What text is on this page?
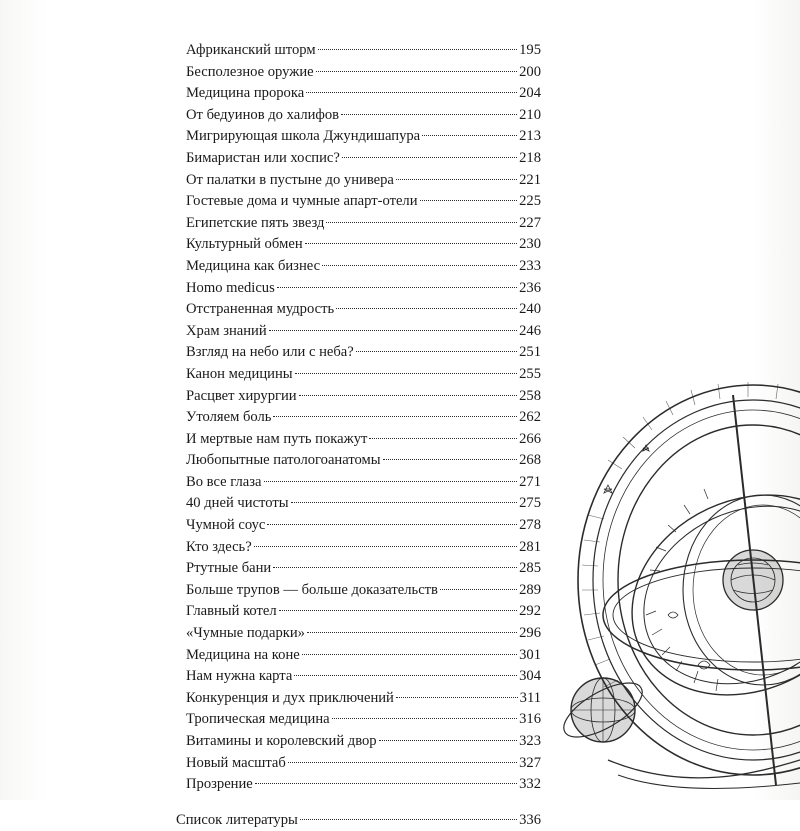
Африканский шторм	195
Бесполезное оружие	200
Медицина пророка	204
От бедуинов до халифов	210
Мигрирующая школа Джундишапура	213
Бимаристан или хоспис?	218
От палатки в пустыне до универа	221
Гостевые дома и чумные апарт-отели	225
Египетские пять звезд	227
Культурный обмен	230
Медицина как бизнес	233
Homo medicus	236
Отстраненная мудрость	240
Храм знаний	246
Взгляд на небо или с неба?	251
Канон медицины	255
Расцвет хирургии	258
Утоляем боль	262
И мертвые нам путь покажут	266
Любопытные патологоанатомы	268
Во все глаза	271
40 дней чистоты	275
Чумной соус	278
Кто здесь?	281
Ртутные бани	285
Больше трупов — больше доказательств	289
Главный котел	292
«Чумные подарки»	296
Медицина на коне	301
Нам нужна карта	304
Конкуренция и дух приключений	311
Тропическая медицина	316
Витамины и королевский двор	323
Новый масштаб	327
Прозрение	332
Список литературы	336
